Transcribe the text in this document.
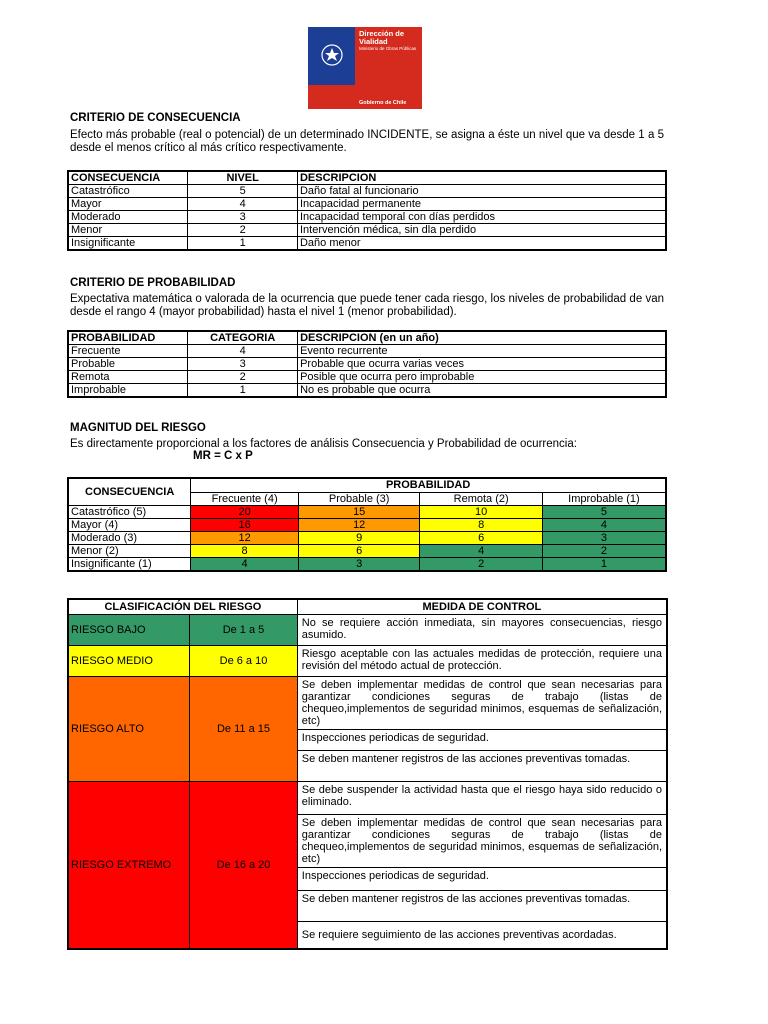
Dirección de
Vialidad
Ministerio de Obras Públicas
Gobierno de Chile
CRITERIO DE CONSECUENCIA
Efecto más probable (real o potencial) de un determinado INCIDENTE, se asigna a éste un nivel que va desde 1 a 5 desde el menos crítico al más crítico respectivamente.
CONSECUENCIA	NIVEL	DESCRIPCION
Catastrófico	5	Daño fatal al funcionario
Mayor	4	Incapacidad permanente
Moderado	3	Incapacidad temporal con días perdidos
Menor	2	Intervención médica, sin dla perdido
Insignificante	1	Daño menor
CRITERIO DE PROBABILIDAD
Expectativa matemática o valorada de la ocurrencia que puede tener cada riesgo, los niveles de probabilidad de van desde el rango 4 (mayor probabilidad) hasta el nivel 1 (menor probabilidad).
PROBABILIDAD	CATEGORIA	DESCRIPCION (en un año)
Frecuente	4	Evento recurrente
Probable	3	Probable que ocurra varias veces
Remota	2	Posible que ocurra pero improbable
Improbable	1	No es probable que ocurra
MAGNITUD DEL RIESGO
Es directamente proporcional a los factores de análisis Consecuencia y Probabilidad de ocurrencia:
MR = C x P
CONSECUENCIA	PROBABILIDAD			
	Frecuente (4)	Probable (3)	Remota (2)	Improbable (1)
Catastrófico (5)	20	15	10	5
Mayor (4)	16	12	8	4
Moderado (3)	12	9	6	3
Menor (2)	8	6	4	2
Insignificante (1)	4	3	2	1
CLASIFICACIÓN DEL RIESGO		MEDIDA DE CONTROL
RIESGO BAJO	De 1 a 5	No se requiere acción inmediata, sin mayores consecuencias, riesgo asumido.
RIESGO MEDIO	De 6 a 10	Riesgo aceptable con las actuales medidas de protección, requiere una revisión del método actual de protección.
RIESGO ALTO	De 11 a 15	Se deben implementar medidas de control que sean necesarias para garantizar condiciones seguras de trabajo (listas de chequeo,implementos de seguridad minimos, esquemas de señalización, etc)
		Inspecciones periodicas de seguridad.
		Se deben mantener registros de las acciones preventivas tomadas.
RIESGO EXTREMO	De 16 a 20	Se debe suspender la actividad hasta que el riesgo haya sido reducido o eliminado.
		Se deben implementar medidas de control que sean necesarias para garantizar condiciones seguras de trabajo (listas de chequeo,implementos de seguridad minimos, esquemas de señalización, etc)
		Inspecciones periodicas de seguridad.
		Se deben mantener registros de las acciones preventivas tomadas.
		Se requiere seguimiento de las acciones preventivas acordadas.
